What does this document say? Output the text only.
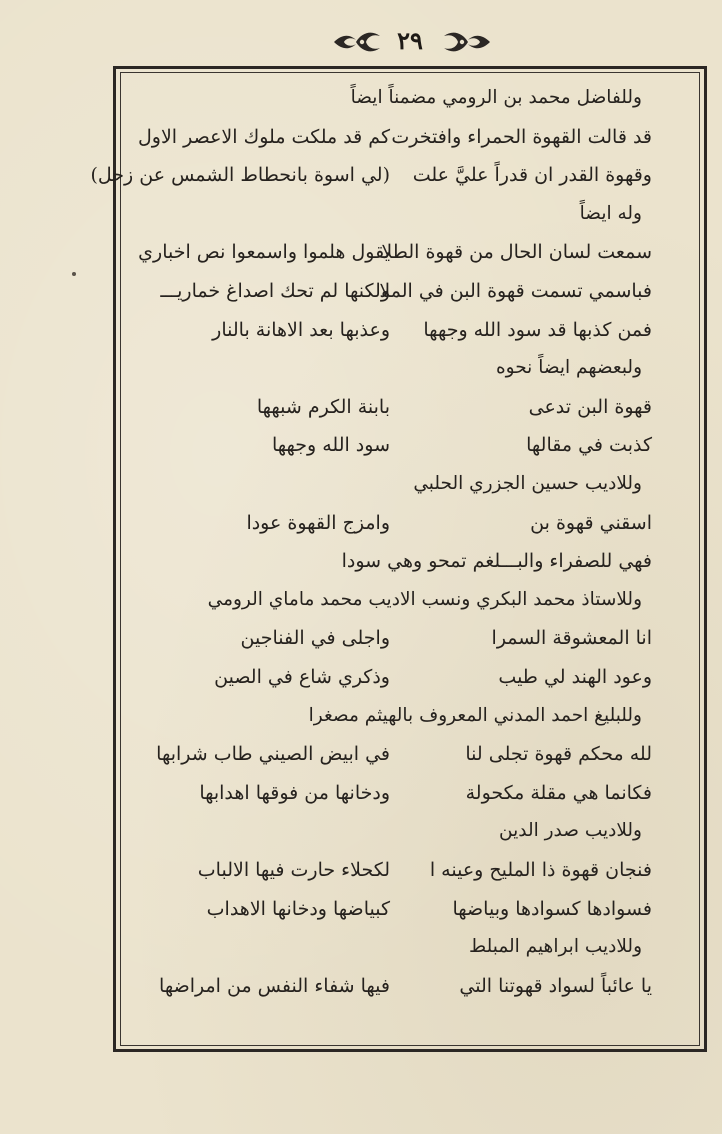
٢٩
وللفاضل محمد بن الرومي مضمناً ايضاً
قد قالت القهوة الحمراء وافتخرت
كم قد ملكت ملوك الاعصر الاول
وقهوة القدر ان قدراً عليَّ علت
(لي اسوة بانحطاط الشمس عن زحل)
وله ايضاً
سمعت لسان الحال من قهوة الطلا
يقول هلموا واسمعوا نص اخباري
فباسمي تسمت قهوة البن في الملا
ولكنها لم تحك اصداغ خماريـــ
فمن كذبها قد سود الله وجهها
وعذبها بعد الاهانة بالنار
ولبعضهم ايضاً نحوه
قهوة البن تدعى
بابنة الكرم شبهها
كذبت في مقالها
سود الله وجهها
وللاديب حسين الجزري الحلبي
اسقني قهوة بن
وامزج القهوة عودا
فهي للصفراء والبـــلغم تمحو وهي سودا
وللاستاذ محمد البكري ونسب الاديب محمد ماماي الرومي
انا المعشوقة السمرا
واجلى في الفناجين
وعود الهند لي طيب
وذكري شاع في الصين
وللبليغ احمد المدني المعروف بالهيثم مصغرا
لله محكم قهوة تجلى لنا
في ابيض الصيني طاب شرابها
فكانما هي مقلة مكحولة
ودخانها من فوقها اهدابها
وللاديب صدر الدين
فنجان قهوة ذا المليح وعينه ا
لكحلاء حارت فيها الالباب
فسوادها كسوادها وبياضها
كبياضها ودخانها الاهداب
وللاديب ابراهيم المبلط
يا عائباً لسواد قهوتنا التي
فيها شفاء النفس من امراضها
